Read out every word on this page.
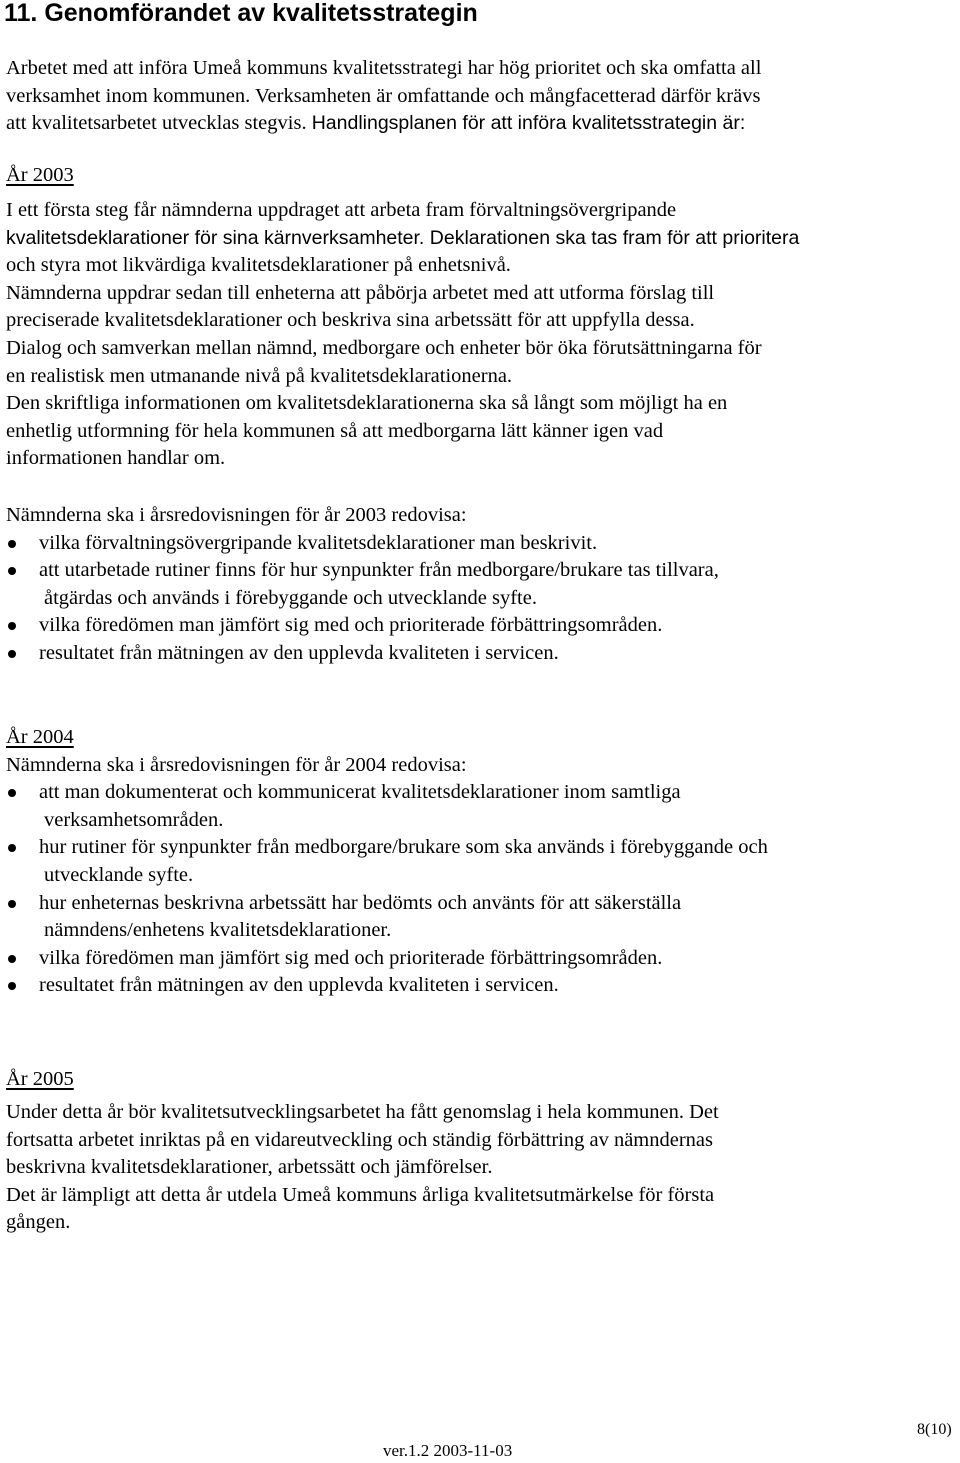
11. Genomförandet av kvalitetsstrategin
Arbetet med att införa Umeå kommuns kvalitetsstrategi har hög prioritet och ska omfatta all
verksamhet inom kommunen. Verksamheten är omfattande och mångfacetterad därför krävs
att kvalitetsarbetet utvecklas stegvis. Handlingsplanen för att införa kvalitetsstrategin är:
År 2003
I ett första steg får nämnderna uppdraget att arbeta fram förvaltningsövergripande
kvalitetsdeklarationer för sina kärnverksamheter. Deklarationen ska tas fram för att prioritera
och styra mot likvärdiga kvalitetsdeklarationer på enhetsnivå.
Nämnderna uppdrar sedan till enheterna att påbörja arbetet med att utforma förslag till
preciserade kvalitetsdeklarationer och beskriva sina arbetssätt för att uppfylla dessa.
Dialog och samverkan mellan nämnd, medborgare och enheter bör öka förutsättningarna för
en realistisk men utmanande nivå på kvalitetsdeklarationerna.
Den skriftliga informationen om kvalitetsdeklarationerna ska så långt som möjligt ha en
enhetlig utformning för hela kommunen så att medborgarna lätt känner igen vad
informationen handlar om.
Nämnderna ska i årsredovisningen för år 2003 redovisa:
vilka förvaltningsövergripande kvalitetsdeklarationer man beskrivit.
att utarbetade rutiner finns för hur synpunkter från medborgare/brukare tas tillvara,
åtgärdas och används i förebyggande och utvecklande syfte.
vilka föredömen man jämfört sig med och prioriterade förbättringsområden.
resultatet från mätningen av den upplevda kvaliteten i servicen.
År 2004
Nämnderna ska i årsredovisningen för år 2004 redovisa:
att man dokumenterat och kommunicerat kvalitetsdeklarationer inom samtliga
verksamhetsområden.
hur rutiner för synpunkter från medborgare/brukare som ska används i förebyggande och
utvecklande syfte.
hur enheternas beskrivna arbetssätt har bedömts och använts för att säkerställa
nämndens/enhetens kvalitetsdeklarationer.
vilka föredömen man jämfört sig med och prioriterade förbättringsområden.
resultatet från mätningen av den upplevda kvaliteten i servicen.
År 2005
Under detta år bör kvalitetsutvecklingsarbetet ha fått genomslag i hela kommunen. Det
fortsatta arbetet inriktas på en vidareutveckling och ständig förbättring av nämndernas
beskrivna kvalitetsdeklarationer, arbetssätt och jämförelser.
Det är lämpligt att detta år utdela Umeå kommuns årliga kvalitetsutmärkelse för första
gången.
8(10)
ver.1.2 2003-11-03
